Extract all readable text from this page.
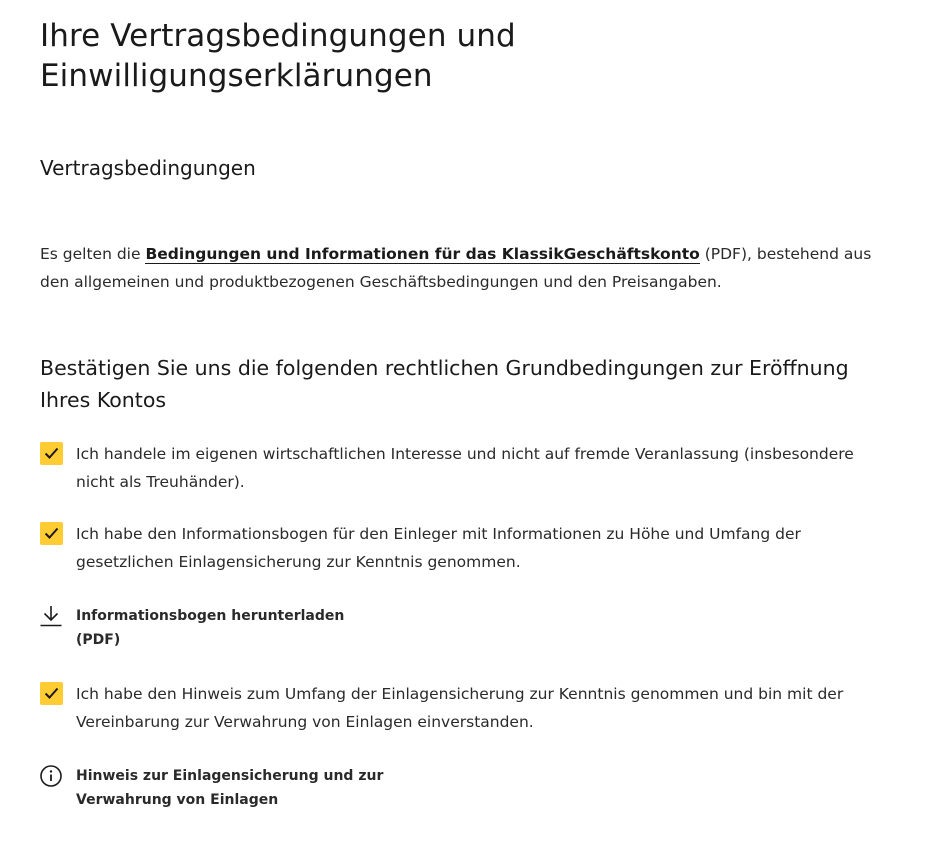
Ihre Vertragsbedingungen und Einwilligungserklärungen
Vertragsbedingungen

Es gelten die Bedingungen und Informationen für das KlassikGeschäftskonto (PDF), bestehend aus den allgemeinen und produktbezogenen Geschäftsbedingungen und den Preisangaben.

Bestätigen Sie uns die folgenden rechtlichen Grundbedingungen zur Eröffnung Ihres Kontos

Ich handele im eigenen wirtschaftlichen Interesse und nicht auf fremde Veranlassung (insbesondere nicht als Treuhänder).

Ich habe den Informationsbogen für den Einleger mit Informationen zu Höhe und Umfang der gesetzlichen Einlagensicherung zur Kenntnis genommen.

Informationsbogen herunterladen
(PDF)

Ich habe den Hinweis zum Umfang der Einlagensicherung zur Kenntnis genommen und bin mit der Vereinbarung zur Verwahrung von Einlagen einverstanden.

Hinweis zur Einlagensicherung und zur
Verwahrung von Einlagen
